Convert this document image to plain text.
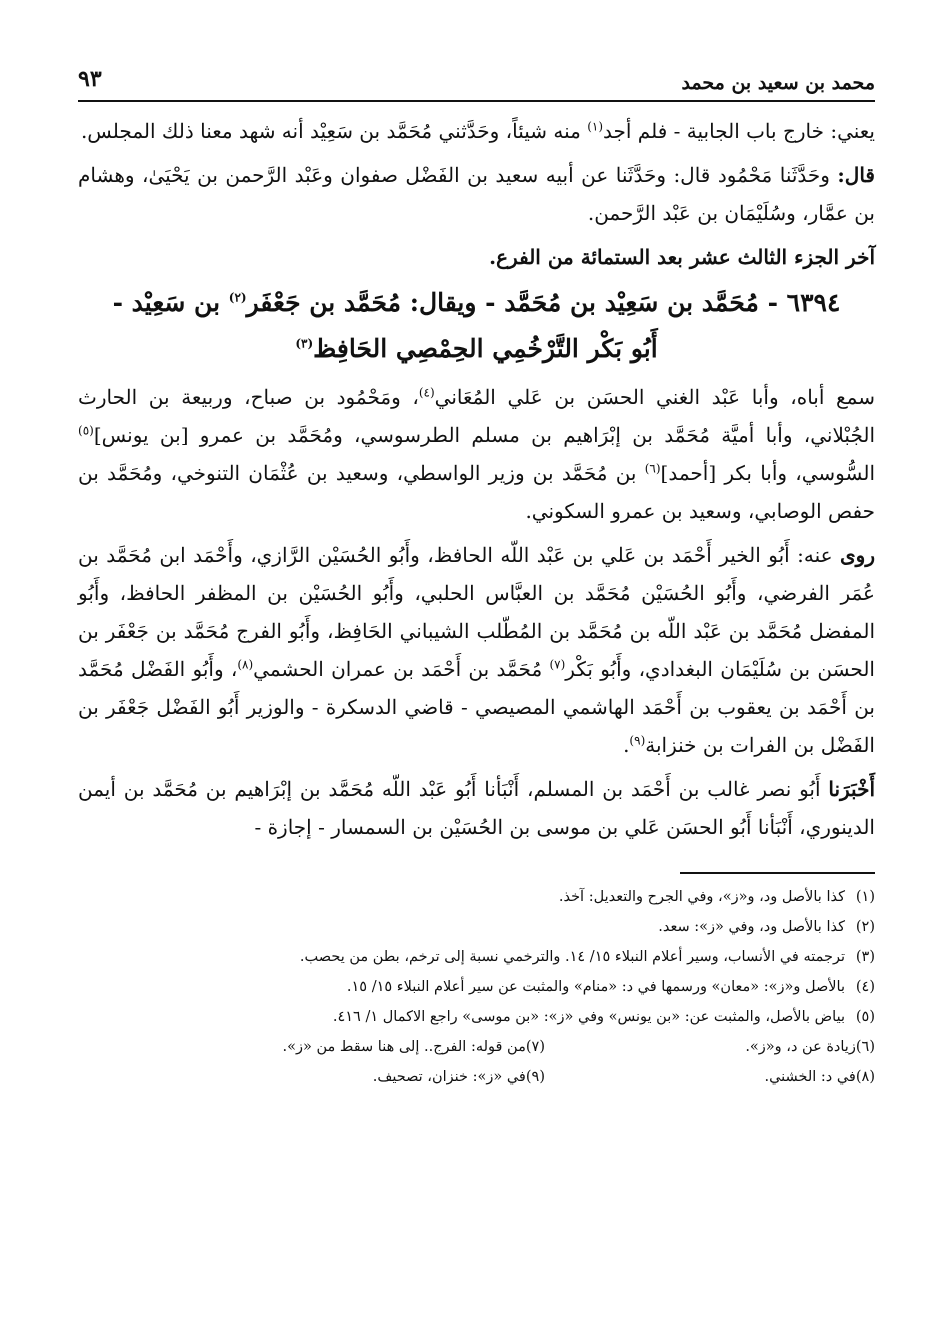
محمد بن سعيد بن محمد
٩٣

يعني: خارج باب الجابية - فلم أجد$^{(١)}$ منه شيئاً، وحَدَّثني مُحَمَّد بن سَعِيْد أنه شهد معنا ذلك المجلس.

قال: وحَدَّثَنا مَحْمُود قال: وحَدَّثَنا عن أبيه سعيد بن الفَضْل صفوان وعَبْد الرَّحمن بن يَحْيَىٰ، وهشام بن عمَّار، وسُلَيْمَان بن عَبْد الرَّحمن.

آخر الجزء الثالث عشر بعد الستمائة من الفرع.
٦٣٩٤ - مُحَمَّد بن سَعِيْد بن مُحَمَّد - ويقال: مُحَمَّد بن جَعْفَر$^{(٢)}$ بن سَعِيْد -
أَبُو بَكْر التَّرْخُمِي الحِمْصِي الحَافِظ$^{(٣)}$

سمع أباه، وأبا عَبْد الغني الحسَن بن عَلي المُعَاني$^{(٤)}$، ومَحْمُود بن صباح، وربيعة بن الحارث الجُبْلاني، وأبا أميَّة مُحَمَّد بن إبْرَاهيم بن مسلم الطرسوسي، ومُحَمَّد بن عمرو [بن يونس]$^{(٥)}$ السُّوسي، وأبا بكر [أحمد]$^{(٦)}$ بن مُحَمَّد بن وزير الواسطي، وسعيد بن عُثْمَان التنوخي، ومُحَمَّد بن حفص الوصابي، وسعيد بن عمرو السكوني.

روى عنه: أَبُو الخير أَحْمَد بن عَلي بن عَبْد اللّه الحافظ، وأَبُو الحُسَيْن الرَّازي، وأَحْمَد ابن مُحَمَّد بن عُمَر الفرضي، وأَبُو الحُسَيْن مُحَمَّد بن العبَّاس الحلبي، وأَبُو الحُسَيْن بن المظفر الحافظ، وأَبُو المفضل مُحَمَّد بن عَبْد اللّه بن مُحَمَّد بن المُطّلب الشيباني الحَافِظ، وأَبُو الفرج مُحَمَّد بن جَعْفَر بن الحسَن بن سُلَيْمَان البغدادي، وأَبُو بَكْر$^{(٧)}$ مُحَمَّد بن أَحْمَد بن عمران الحشمي$^{(٨)}$، وأَبُو الفَضْل مُحَمَّد بن أَحْمَد بن يعقوب بن أَحْمَد الهاشمي المصيصي - قاضي الدسكرة - والوزير أَبُو الفَضْل جَعْفَر بن الفَضْل بن الفرات بن خنزابة$^{(٩)}$.

أَخْبَرَنا أَبُو نصر غالب بن أَحْمَد بن المسلم، أَنْبَأنا أَبُو عَبْد اللّه مُحَمَّد بن إبْرَاهيم بن مُحَمَّد بن أيمن الدينوري، أَنْبَأنا أَبُو الحسَن عَلي بن موسى بن الحُسَيْن بن السمسار - إجازة -

(١)كذا بالأصل ود، و«ز»، وفي الجرح والتعديل: آخذ.
(٢)كذا بالأصل ود، وفي «ز»: سعد.
(٣)ترجمته في الأنساب، وسير أعلام النبلاء ١٥/ ١٤. والترخمي نسبة إلى ترخم، بطن من يحصب.
(٤)بالأصل و«ز»: «معان» ورسمها في د: «منام» والمثبت عن سير أعلام النبلاء ١٥/ ١٥.
(٥)بياض بالأصل، والمثبت عن: «بن يونس» وفي «ز»: «بن موسى» راجع الاكمال ١/ ٤١٦.
(٦)زيادة عن د، و«ز».
(٧)من قوله: الفرج.. إلى هنا سقط من «ز».
(٨)في د: الخشني.
(٩)في «ز»: خنزان، تصحيف.
